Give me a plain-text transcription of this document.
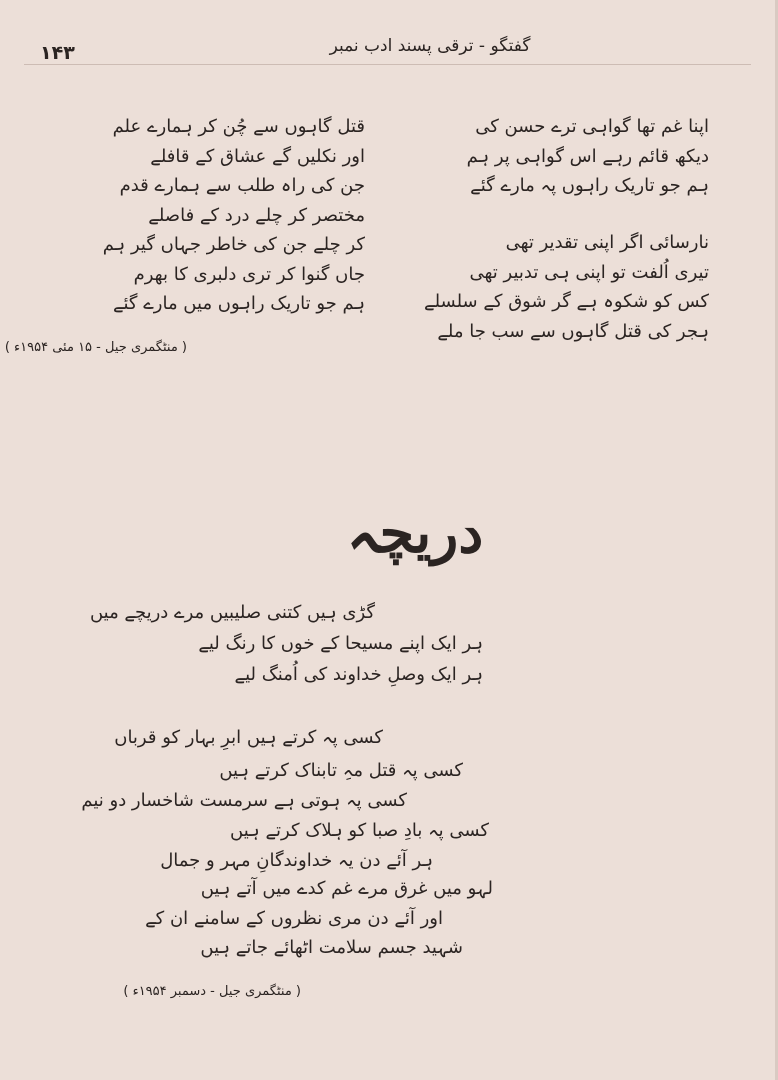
۱۴۳	گفتگو - ترقی پسند ادب نمبر
اپنا غم تھا گواہی ترے حسن کی
دیکھ قائم رہے اس گواہی پر ہم
ہم جو تاریک راہوں پہ مارے گئے
نارسائی اگر اپنی تقدیر تھی
تیری اُلفت تو اپنی ہی تدبیر تھی
کس کو شکوہ ہے گر شوق کے سلسلے
ہجر کی قتل گاہوں سے سب جا ملے
قتل گاہوں سے چُن کر ہمارے علم
اور نکلیں گے عشاق کے قافلے
جن کی راہ طلب سے ہمارے قدم
مختصر کر چلے درد کے فاصلے
کر چلے جن کی خاطر جہاں گیر ہم
جاں گنوا کر تری دلبری کا بھرم
ہم جو تاریک راہوں میں مارے گئے
( منٹگمری جیل - ۱۵ مئی ۱۹۵۴ء )
دریچہ
گڑی ہیں کتنی صلیبیں مرے دریچے میں
ہر ایک اپنے مسیحا کے خوں کا رنگ لیے
ہر ایک وصلِ خداوند کی اُمنگ لیے
کسی پہ کرتے ہیں ابرِ بہار کو قرباں
کسی پہ قتل مہِ تابناک کرتے ہیں
کسی پہ ہوتی ہے سرمست شاخسار دو نیم
کسی پہ بادِ صبا کو ہلاک کرتے ہیں
ہر آئے دن یہ خداوندگانِ مہر و جمال
لہو میں غرق مرے غم کدے میں آتے ہیں
اور آئے دن مری نظروں کے سامنے ان کے
شہید جسم سلامت اٹھائے جاتے ہیں
( منٹگمری جیل - دسمبر ۱۹۵۴ء )
